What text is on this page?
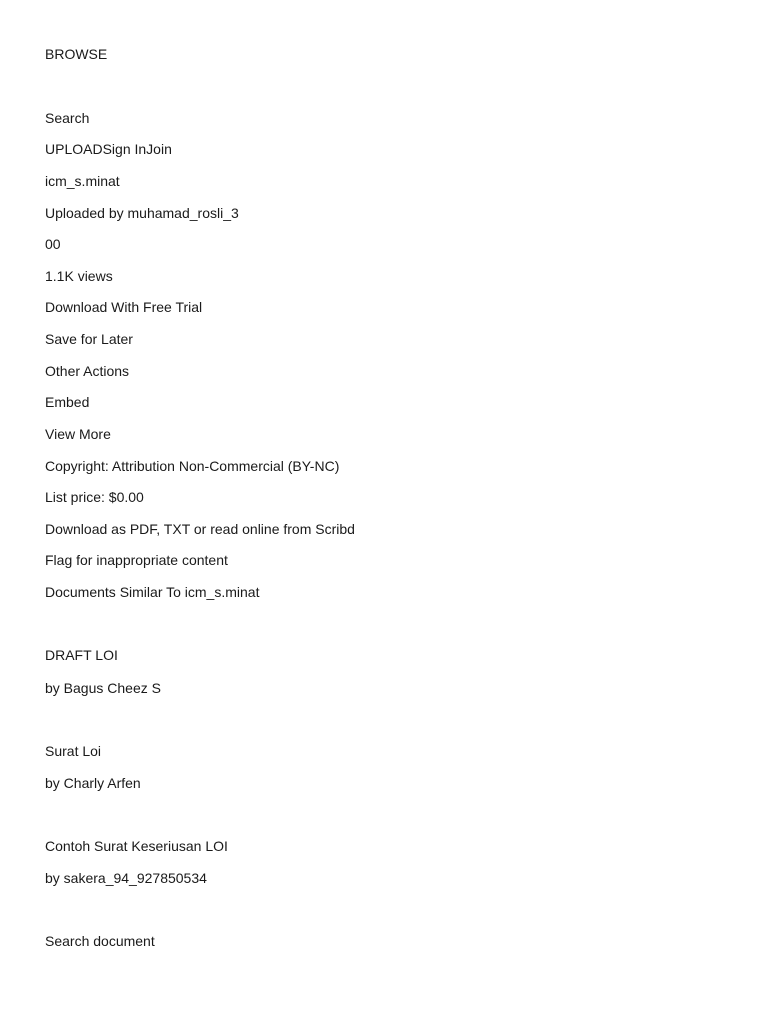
BROWSE
Search
UPLOADSign InJoin
icm_s.minat
Uploaded by muhamad_rosli_3
00
1.1K views
Download With Free Trial
Save for Later
Other Actions
Embed
View More
Copyright: Attribution Non-Commercial (BY-NC)
List price: $0.00
Download as PDF, TXT or read online from Scribd
Flag for inappropriate content
Documents Similar To icm_s.minat
DRAFT LOI
by Bagus Cheez S
Surat Loi
by Charly Arfen
Contoh Surat Keseriusan LOI
by sakera_94_927850534
Search document
